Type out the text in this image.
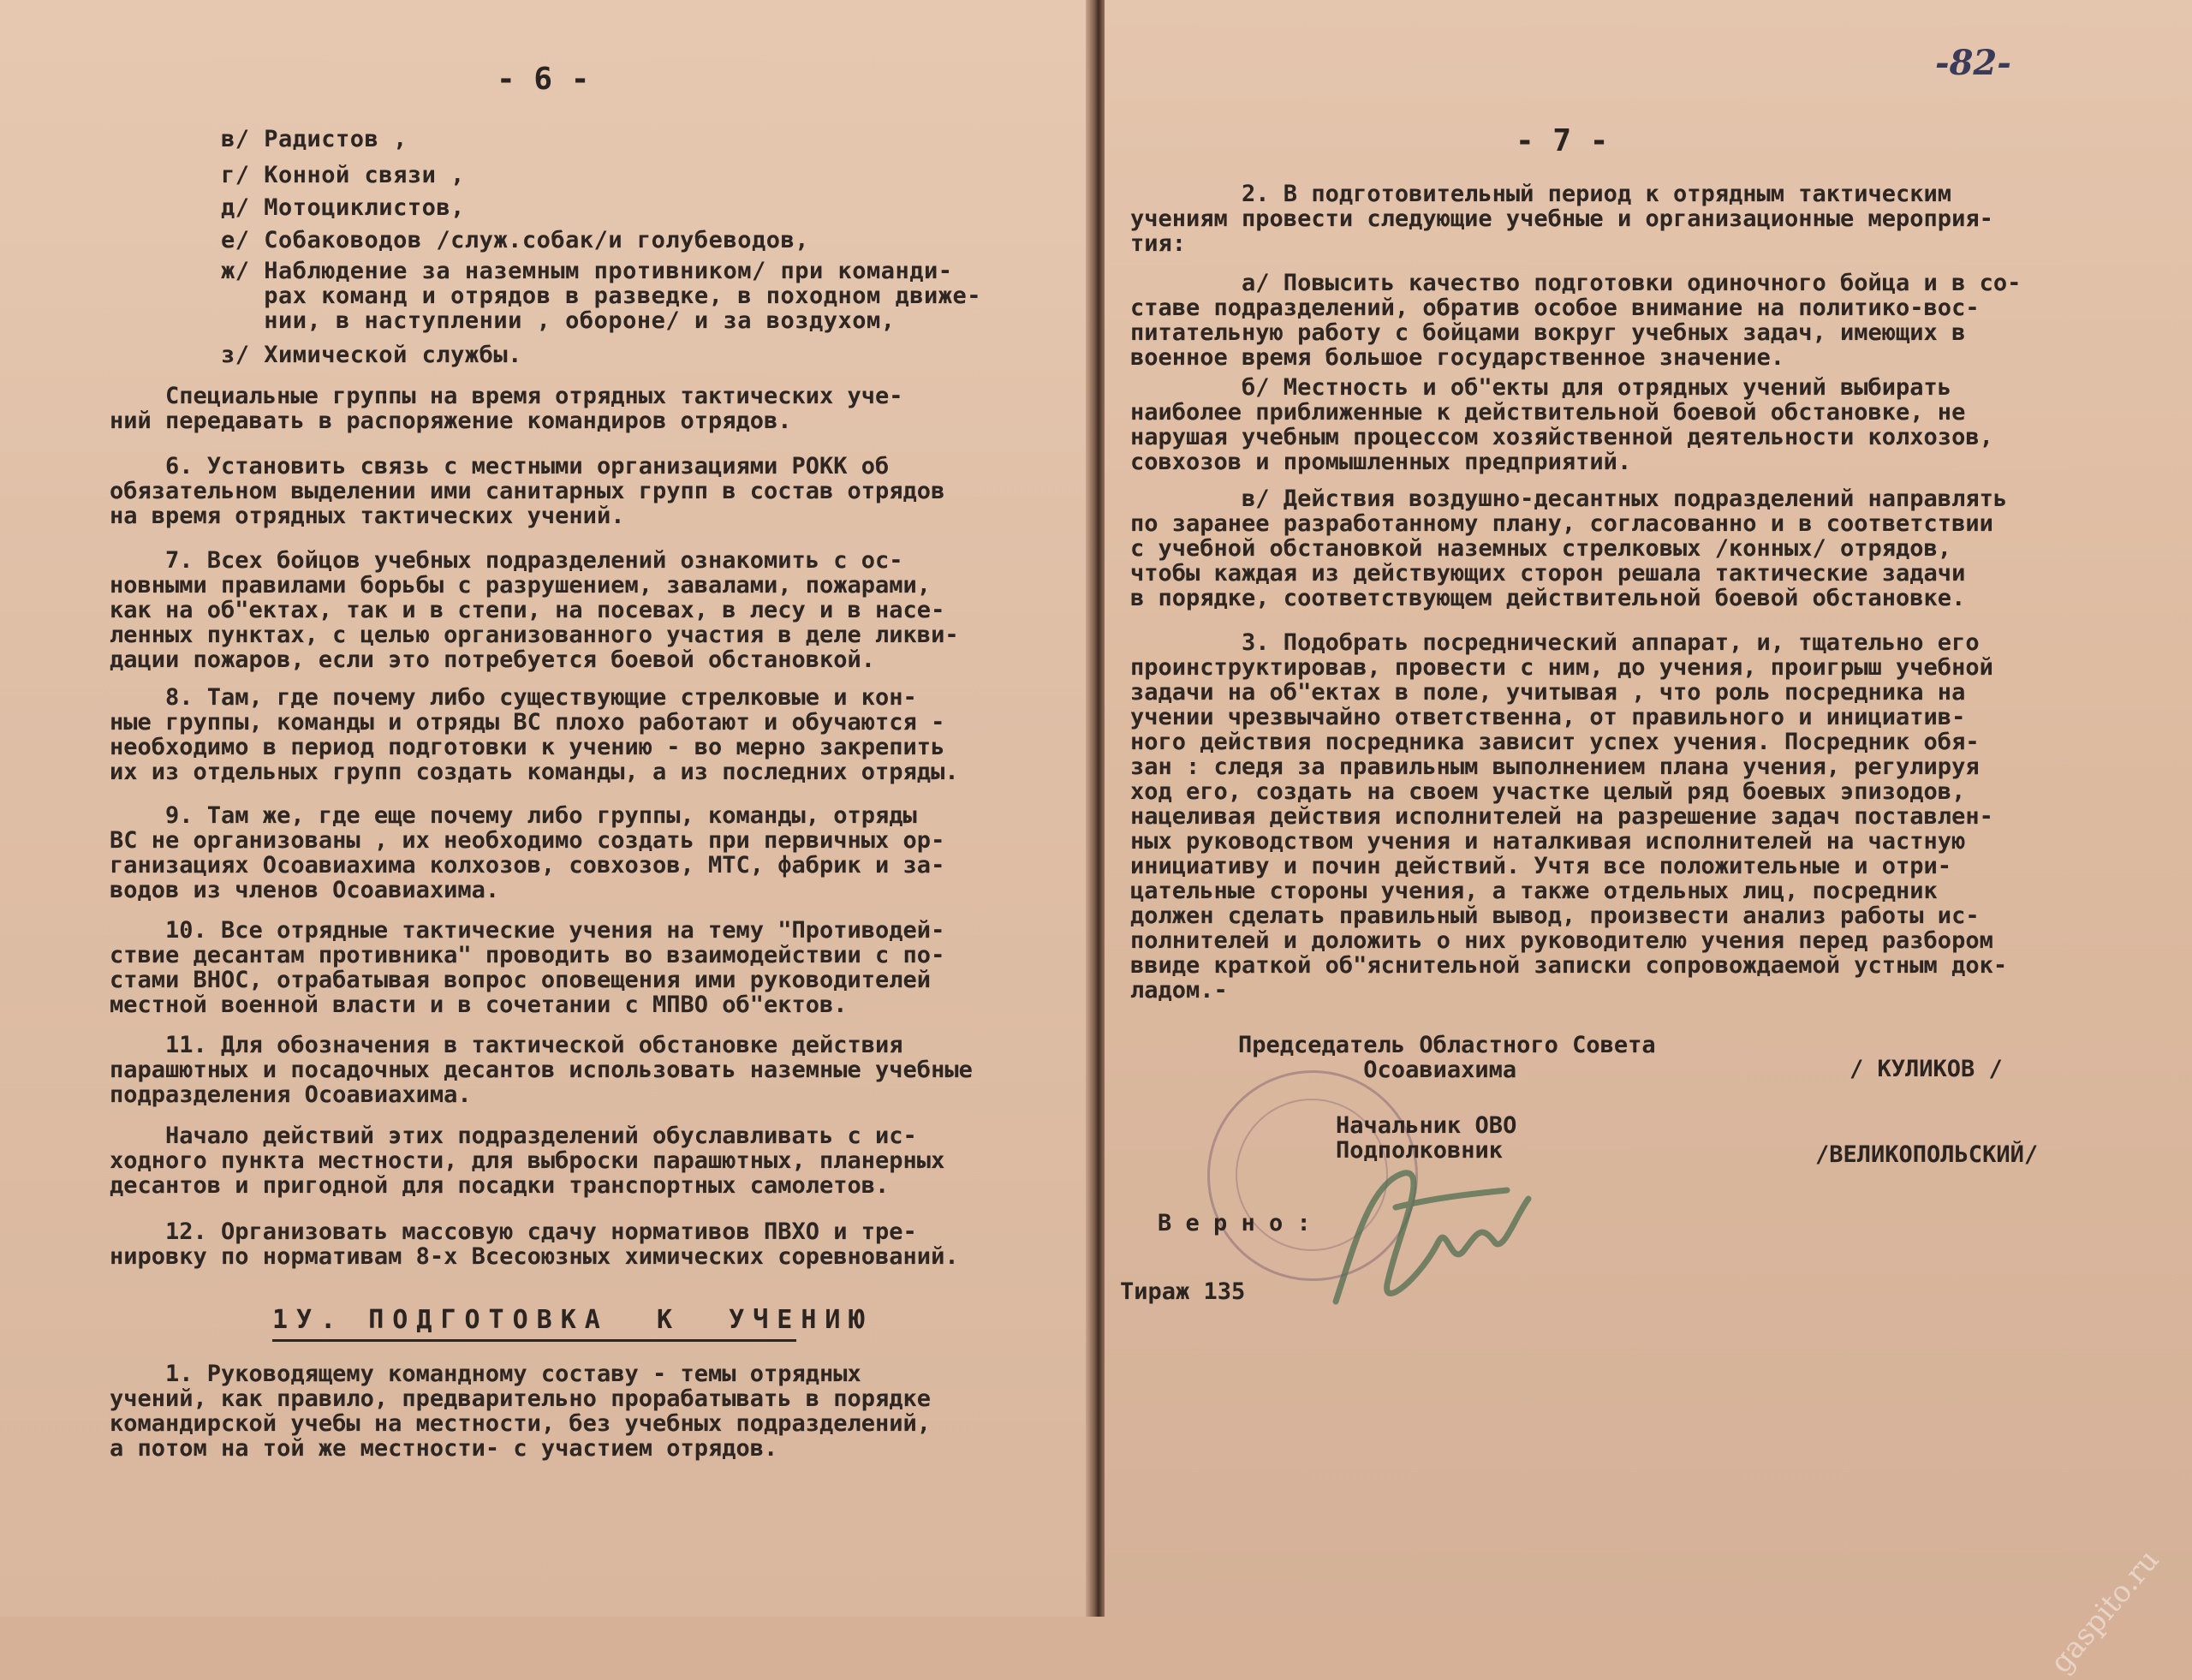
- 6 -
в/ Радистов ,
г/ Конной связи ,
д/ Мотоциклистов,
е/ Собаководов /служ.собак/и голубеводов,
ж/ Наблюдение за наземным противником/ при команди-
рах команд и отрядов в разведке, в походном движе-
нии, в наступлении , обороне/ и за воздухом,
з/ Химической службы.
Специальные группы на время отрядных тактических уче-
ний передавать в распоряжение командиров отрядов.
6. Установить связь с местными организациями РОКК об
обязательном выделении ими санитарных групп в состав отрядов
на время отрядных тактических учений.
7. Всех бойцов учебных подразделений ознакомить с ос-
новными правилами борьбы с разрушением, завалами, пожарами,
как на об"ектах, так и в степи, на посевах, в лесу и в насе-
ленных пунктах, с целью организованного участия в деле ликви-
дации пожаров, если это потребуется боевой обстановкой.
8. Там, где почему либо существующие стрелковые и кон-
ные группы, команды и отряды ВС плохо работают и обучаются -
необходимо в период подготовки к учению - во мерно закрепить
их из отдельных групп создать команды, а из последних отряды.
9. Там же, где еще почему либо группы, команды, отряды
ВС не организованы , их необходимо создать при первичных ор-
ганизациях Осоавиахима колхозов, совхозов, МТС, фабрик и за-
водов из членов Осоавиахима.
10. Все отрядные тактические учения на тему "Противодей-
ствие десантам противника" проводить во взаимодействии с по-
стами ВНОС, отрабатывая вопрос оповещения ими руководителей
местной военной власти и в сочетании с МПВО об"ектов.
11. Для обозначения в тактической обстановке действия
парашютных и посадочных десантов использовать наземные учебные
подразделения Осоавиахима.
Начало действий этих подразделений обуславливать с ис-
ходного пункта местности, для выброски парашютных, планерных
десантов и пригодной для посадки транспортных самолетов.
12. Организовать массовую сдачу нормативов ПВХО и тре-
нировку по нормативам 8-х Всесоюзных химических соревнований.
1У. ПОДГОТОВКА  К  УЧЕНИЮ
1. Руководящему командному составу - темы отрядных
учений, как правило, предварительно прорабатывать в порядке
командирской учебы на местности, без учебных подразделений,
а потом на той же местности- с участием отрядов.
-82-
- 7 -
2. В подготовительный период к отрядным тактическим
учениям провести следующие учебные и организационные мероприя-
тия:
а/ Повысить качество подготовки одиночного бойца и в со-
ставе подразделений, обратив особое внимание на политико-вос-
питательную работу с бойцами вокруг учебных задач, имеющих в
военное время большое государственное значение.
б/ Местность и об"екты для отрядных учений выбирать
наиболее приближенные к действительной боевой обстановке, не
нарушая учебным процессом хозяйственной деятельности колхозов,
совхозов и промышленных предприятий.
в/ Действия воздушно-десантных подразделений направлять
по заранее разработанному плану, согласованно и в соответствии
с учебной обстановкой наземных стрелковых /конных/ отрядов,
чтобы каждая из действующих сторон решала тактические задачи
в порядке, соответствующем действительной боевой обстановке.
3. Подобрать посреднический аппарат, и, тщательно его
проинструктировав, провести с ним, до учения, проигрыш учебной
задачи на об"ектах в поле, учитывая , что роль посредника на
учении чрезвычайно ответственна, от правильного и инициатив-
ного действия посредника зависит успех учения. Посредник обя-
зан : следя за правильным выполнением плана учения, регулируя
ход его, создать на своем участке целый ряд боевых эпизодов,
нацеливая действия исполнителей на разрешение задач поставлен-
ных руководством учения и наталкивая исполнителей на частную
инициативу и почин действий. Учтя все положительные и отри-
цательные стороны учения, а также отдельных лиц, посредник
должен сделать правильный вывод, произвести анализ работы ис-
полнителей и доложить о них руководителю учения перед разбором
ввиде краткой об"яснительной записки сопровождаемой устным док-
ладом.-
Председатель Областного Совета
Осоавиахима	/ КУЛИКОВ /
Начальник ОВО
Подполковник	/ВЕЛИКОПОЛЬСКИЙ/
В е р н о :
Тираж 135
gaspito.ru
